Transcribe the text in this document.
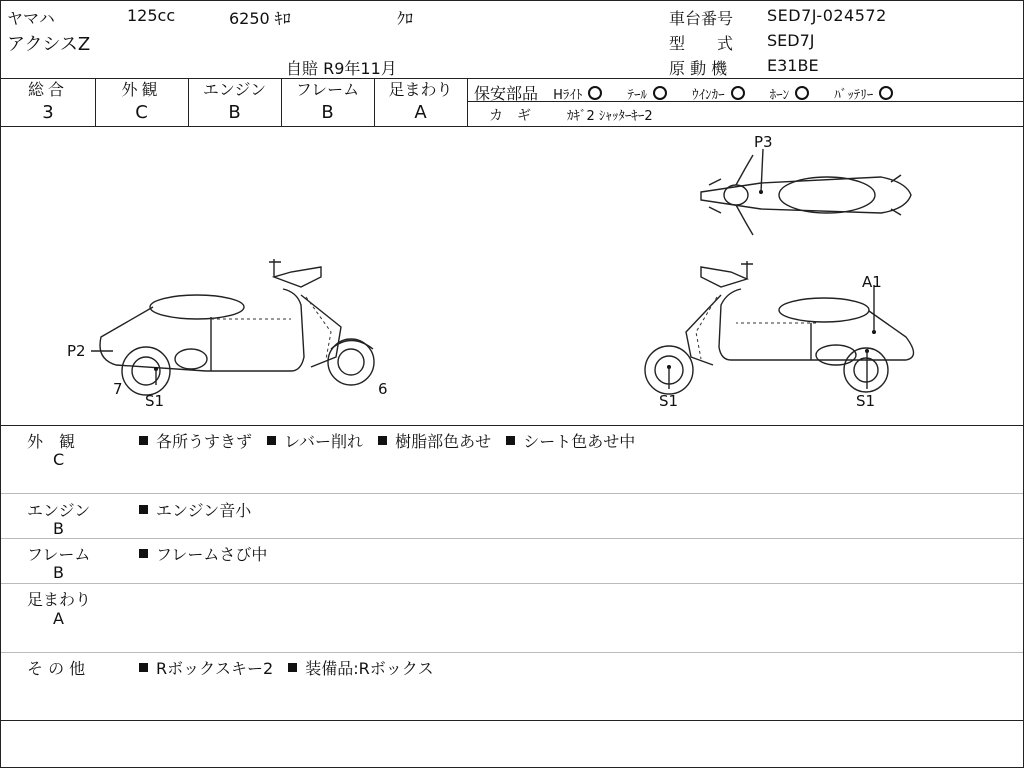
ヤマハ	125cc	6250 ｷﾛ	ｸﾛ
アクシスZ
自賠 R9年11月
車台番号 SED7J-024572
型　　式 SED7J
原 動 機 E31BE
総合
3
外観
C
エンジン
B
フレーム
B
足まわり
A
保安部品 Hﾗｲﾄ	ﾃｰﾙ	ｳｲﾝｶｰ	ﾎｰﾝ	ﾊﾞｯﾃﾘｰ
カ　ギ	ｶｷﾞ2 ｼｬｯﾀｰｷｰ2
P3
A1
P2
7	6
S1	S1	S1
外　観
C
各所うすきず レバー削れ 樹脂部色あせ シート色あせ中
エンジン
B
エンジン音小
フレーム
B
フレームさび中
足まわり
A
そ の 他	Rボックスキー2 装備品:Rボックス
